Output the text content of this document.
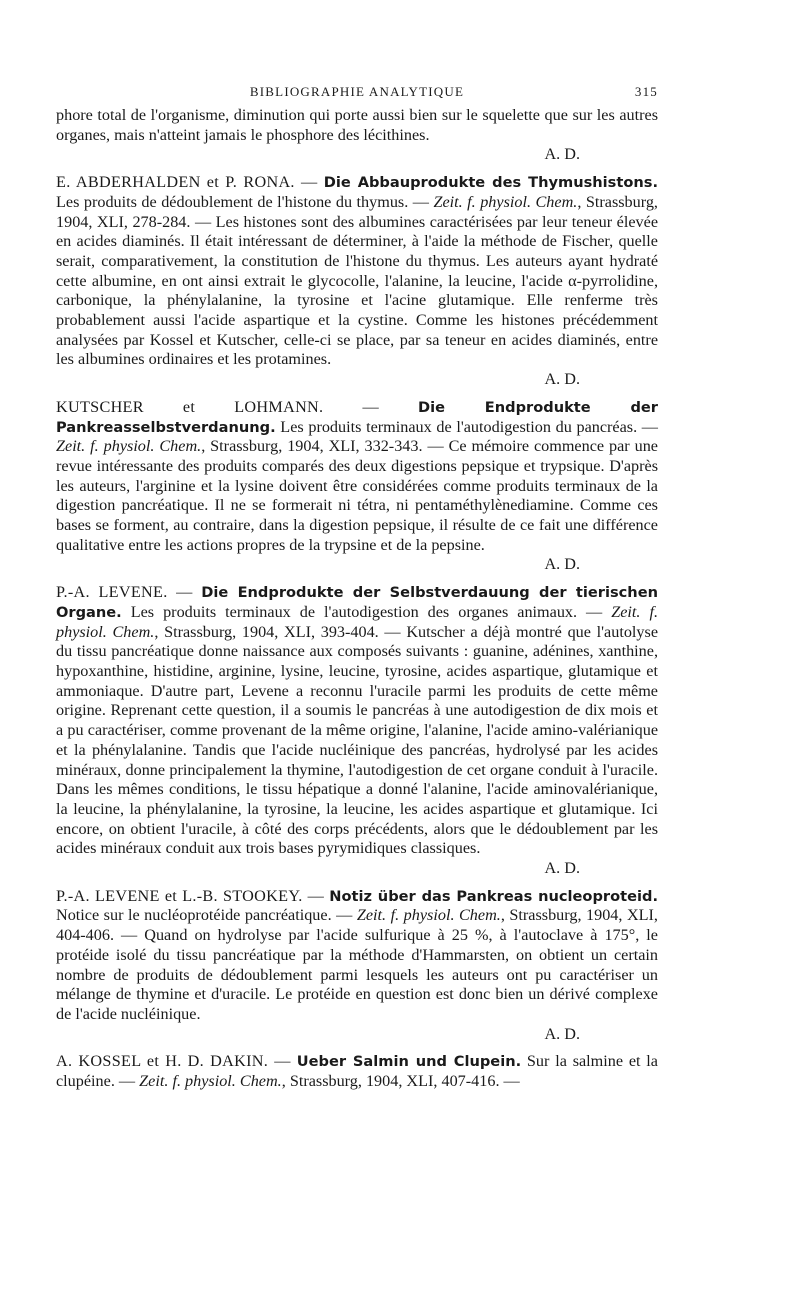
BIBLIOGRAPHIE ANALYTIQUE	315

phore total de l'organisme, diminution qui porte aussi bien sur le squelette que sur les autres organes, mais n'atteint jamais le phosphore des lécithines.

A. D.

E. ABDERHALDEN et P. RONA. — Die Abbauprodukte des Thymushistons. Les produits de dédoublement de l'histone du thymus. — Zeit. f. physiol. Chem., Strassburg, 1904, XLI, 278-284. — Les histones sont des albumines caractérisées par leur teneur élevée en acides diaminés. Il était intéressant de déterminer, à l'aide la méthode de Fischer, quelle serait, comparativement, la constitution de l'histone du thymus. Les auteurs ayant hydraté cette albumine, en ont ainsi extrait le glycocolle, l'alanine, la leucine, l'acide α-pyrrolidine, carbonique, la phénylalanine, la tyrosine et l'acine glutamique. Elle renferme très probablement aussi l'acide aspartique et la cystine. Comme les histones précédemment analysées par Kossel et Kutscher, celle-ci se place, par sa teneur en acides diaminés, entre les albumines ordinaires et les protamines.

A. D.

KUTSCHER et LOHMANN. — Die Endprodukte der Pankreasselbstverdanung. Les produits terminaux de l'autodigestion du pancréas. — Zeit. f. physiol. Chem., Strassburg, 1904, XLI, 332-343. — Ce mémoire commence par une revue intéressante des produits comparés des deux digestions pepsique et trypsique. D'après les auteurs, l'arginine et la lysine doivent être considérées comme produits terminaux de la digestion pancréatique. Il ne se formerait ni tétra, ni pentaméthylènediamine. Comme ces bases se forment, au contraire, dans la digestion pepsique, il résulte de ce fait une différence qualitative entre les actions propres de la trypsine et de la pepsine.

A. D.

P.-A. LEVENE. — Die Endprodukte der Selbstverdauung der tierischen Organe. Les produits terminaux de l'autodigestion des organes animaux. — Zeit. f. physiol. Chem., Strassburg, 1904, XLI, 393-404. — Kutscher a déjà montré que l'autolyse du tissu pancréatique donne naissance aux composés suivants : guanine, adénines, xanthine, hypoxanthine, histidine, arginine, lysine, leucine, tyrosine, acides aspartique, glutamique et ammoniaque. D'autre part, Levene a reconnu l'uracile parmi les produits de cette même origine. Reprenant cette question, il a soumis le pancréas à une autodigestion de dix mois et a pu caractériser, comme provenant de la même origine, l'alanine, l'acide amino-valérianique et la phénylalanine. Tandis que l'acide nucléinique des pancréas, hydrolysé par les acides minéraux, donne principalement la thymine, l'autodigestion de cet organe conduit à l'uracile. Dans les mêmes conditions, le tissu hépatique a donné l'alanine, l'acide aminovalérianique, la leucine, la phénylalanine, la tyrosine, la leucine, les acides aspartique et glutamique. Ici encore, on obtient l'uracile, à côté des corps précédents, alors que le dédoublement par les acides minéraux conduit aux trois bases pyrymidiques classiques.

A. D.

P.-A. LEVENE et L.-B. STOOKEY. — Notiz über das Pankreas nucleoproteid. Notice sur le nucléoprotéide pancréatique. — Zeit. f. physiol. Chem., Strassburg, 1904, XLI, 404-406. — Quand on hydrolyse par l'acide sulfurique à 25 %, à l'autoclave à 175°, le protéide isolé du tissu pancréatique par la méthode d'Hammarsten, on obtient un certain nombre de produits de dédoublement parmi lesquels les auteurs ont pu caractériser un mélange de thymine et d'uracile. Le protéide en question est donc bien un dérivé complexe de l'acide nucléinique.

A. D.

A. KOSSEL et H. D. DAKIN. — Ueber Salmin und Clupein. Sur la salmine et la clupéine. — Zeit. f. physiol. Chem., Strassburg, 1904, XLI, 407-416. —
